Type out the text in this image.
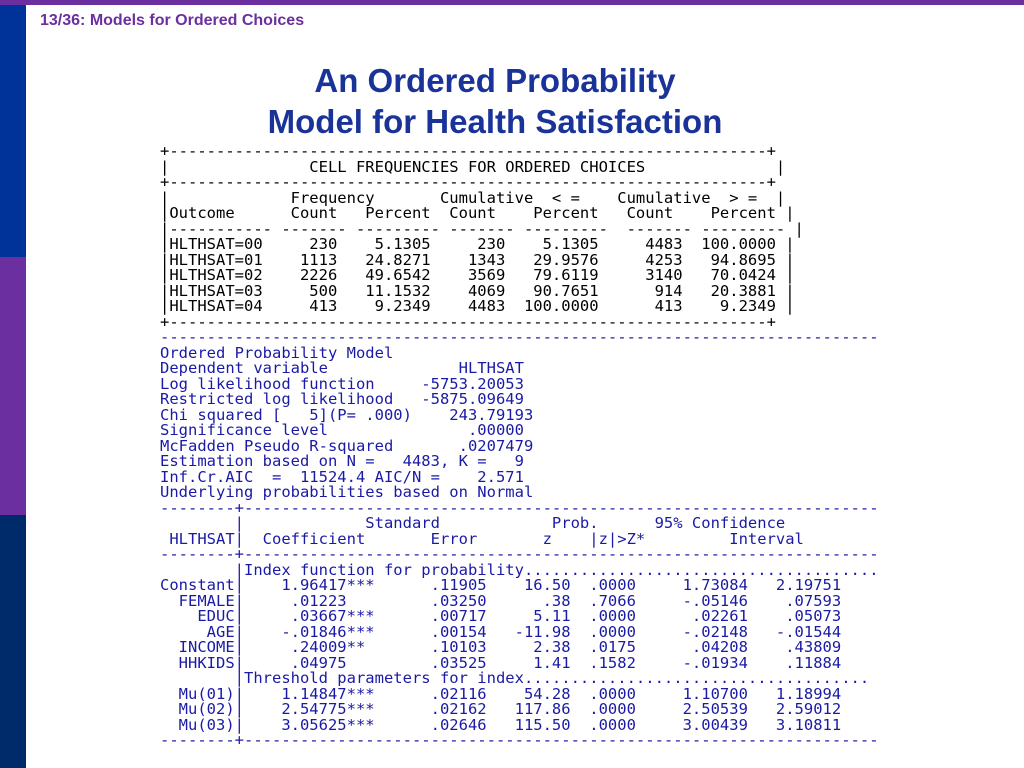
13/36: Models for Ordered Choices
An Ordered Probability
Model for Health Satisfaction
+----------------------------------------------------------------+
|               CELL FREQUENCIES FOR ORDERED CHOICES              |
+----------------------------------------------------------------+
|             Frequency       Cumulative  < =    Cumulative  > =  |
|Outcome      Count   Percent  Count    Percent   Count    Percent |
|----------- ------- --------- ------- ---------  ------- --------- |
|HLTHSAT=00     230    5.1305     230    5.1305     4483  100.0000 |
|HLTHSAT=01    1113   24.8271    1343   29.9576     4253   94.8695 |
|HLTHSAT=02    2226   49.6542    3569   79.6119     3140   70.0424 |
|HLTHSAT=03     500   11.1532    4069   90.7651      914   20.3881 |
|HLTHSAT=04     413    9.2349    4483  100.0000      413    9.2349 |
+----------------------------------------------------------------+
-----------------------------------------------------------------------------
Ordered Probability Model
Dependent variable              HLTHSAT
Log likelihood function     -5753.20053
Restricted log likelihood   -5875.09649
Chi squared [   5](P= .000)    243.79193
Significance level               .00000
McFadden Pseudo R-squared       .0207479
Estimation based on N =   4483, K =   9
Inf.Cr.AIC  =  11524.4 AIC/N =    2.571
Underlying probabilities based on Normal
--------+--------------------------------------------------------------------
|             Standard            Prob.      95% Confidence
HLTHSAT|  Coefficient       Error       z    |z|>Z*         Interval
--------+--------------------------------------------------------------------
|Index function for probability......................................
Constant|    1.96417***      .11905    16.50  .0000     1.73084   2.19751
FEMALE|     .01223         .03250      .38  .7066     -.05146    .07593
EDUC|     .03667***      .00717     5.11  .0000      .02261    .05073
AGE|    -.01846***      .00154   -11.98  .0000     -.02148   -.01544
INCOME|     .24009**       .10103     2.38  .0175      .04208    .43809
HHKIDS|     .04975         .03525     1.41  .1582     -.01934    .11884
|Threshold parameters for index.....................................
Mu(01)|    1.14847***      .02116    54.28  .0000     1.10700   1.18994
Mu(02)|    2.54775***      .02162   117.86  .0000     2.50539   2.59012
Mu(03)|    3.05625***      .02646   115.50  .0000     3.00439   3.10811
--------+--------------------------------------------------------------------
